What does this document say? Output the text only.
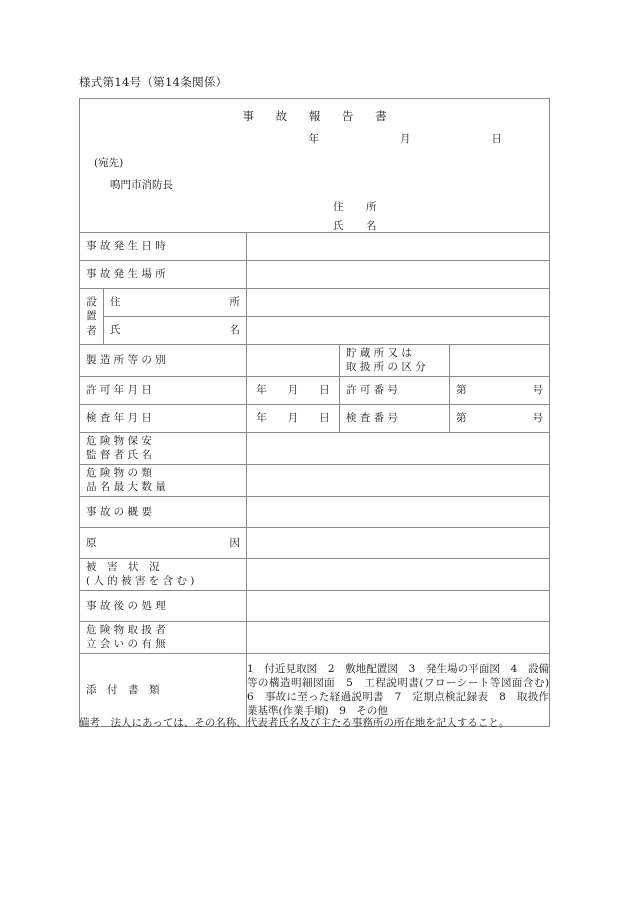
様式第14号（第14条関係）
事 故 報 告 書
年　　月　　日
(宛先)
鳴門市消防長
住　所
氏　名

事 故 発 生 日 時				

事 故 発 生 場 所				

設
置
者

住	所

	氏 名			

製 造 所 等 の 別			貯 蔵 所 又 は
取 扱 所 の 区 分	

許 可 年 月 日		年　　月　　日	許 可 番 号	第 号

検 査 年 月 日		年　　月　　日	検 査 番 号	第 号

危 険 物 保 安
監 督 者 氏 名				

危 険 物 の 類
品 名 最 大 数 量				

事 故 の 概 要				

原 因				

被　害　状　況
( 人 的 被 害 を 含 む )				

事 故 後 の 処 理				

危 険 物 取 扱 者
立 会 い の 有 無				

添　付　書　類		1　付近見取図　2　敷地配置図　3　発生場の平面図　4　設備等の構造明細図面　5　工程説明書(フローシート等図面含む)　6　事故に至った経過説明書　7　定期点検記録表　8　取扱作業基準(作業手順)　9　その他		
備考　法人にあっては、その名称、代表者氏名及び主たる事務所の所在地を記入すること。
